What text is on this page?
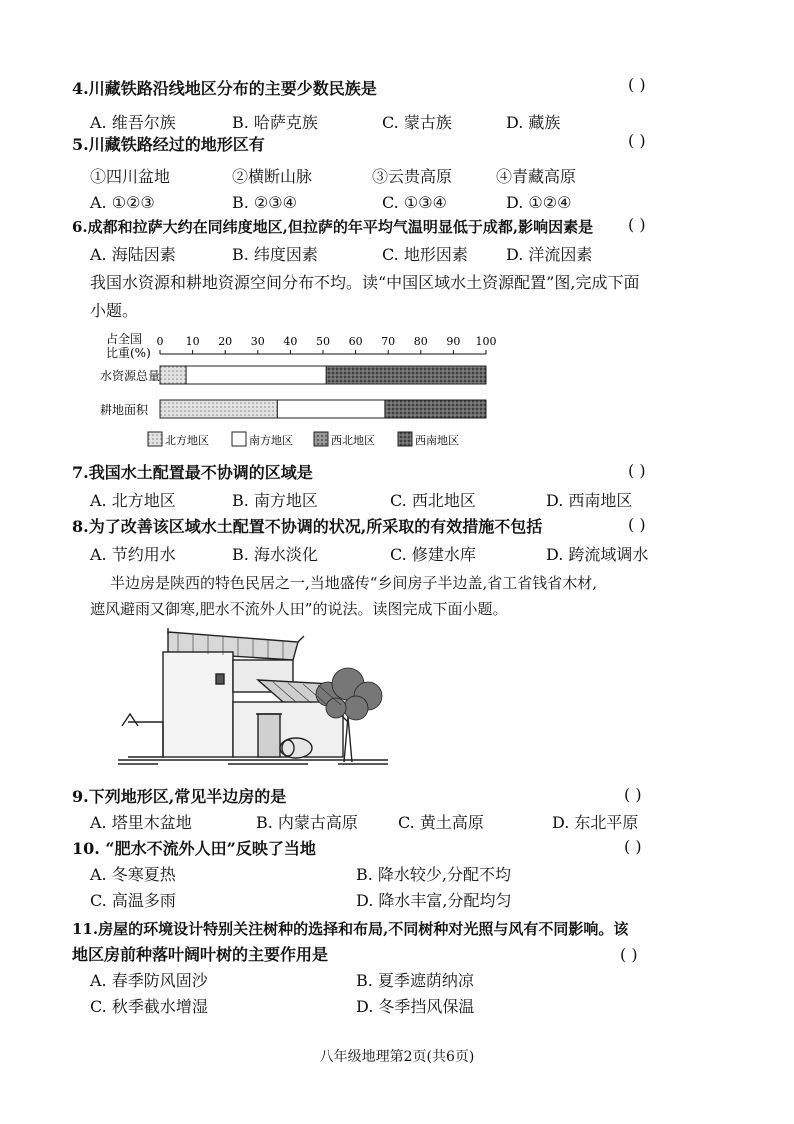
4.川藏铁路沿线地区分布的主要少数民族是	( )
A. 维吾尔族	B. 哈萨克族	C. 蒙古族	D. 藏族
5.川藏铁路经过的地形区有	( )
①四川盆地	②横断山脉	③云贵高原	④青藏高原
A. ①②③	B. ②③④	C. ①③④	D. ①②④
6.成都和拉萨大约在同纬度地区,但拉萨的年平均气温明显低于成都,影响因素是 ( )
A. 海陆因素	B. 纬度因素	C. 地形因素 D. 洋流因素
我国水资源和耕地资源空间分布不均。读“中国区域水土资源配置”图,完成下面
小题。
占全国
比重(%)
0 10 20 30 40 50 60 70 80 90 100
水资源总量
耕地面积
北方地区	南方地区	西北地区	西南地区
7.我国水土配置最不协调的区域是	( )
A. 北方地区	B. 南方地区	C. 西北地区	D. 西南地区
8.为了改善该区域水土配置不协调的状况,所采取的有效措施不包括	( )
A. 节约用水	B. 海水淡化	C. 修建水库	D. 跨流域调水
半边房是陕西的特色民居之一,当地盛传“乡间房子半边盖,省工省钱省木材,
遮风避雨又御寒,肥水不流外人田”的说法。读图完成下面小题。
9.下列地形区,常见半边房的是	( )
A. 塔里木盆地	B. 内蒙古高原	C. 黄土高原	D. 东北平原
10. “肥水不流外人田”反映了当地	( )
A. 冬寒夏热	B. 降水较少,分配不均
C. 高温多雨	D. 降水丰富,分配均匀
11.房屋的环境设计特别关注树种的选择和布局,不同树种对光照与风有不同影响。该
地区房前种落叶阔叶树的主要作用是	( )
A. 春季防风固沙	B. 夏季遮荫纳凉
C. 秋季截水增湿	D. 冬季挡风保温
八年级地理第2页(共6页)
